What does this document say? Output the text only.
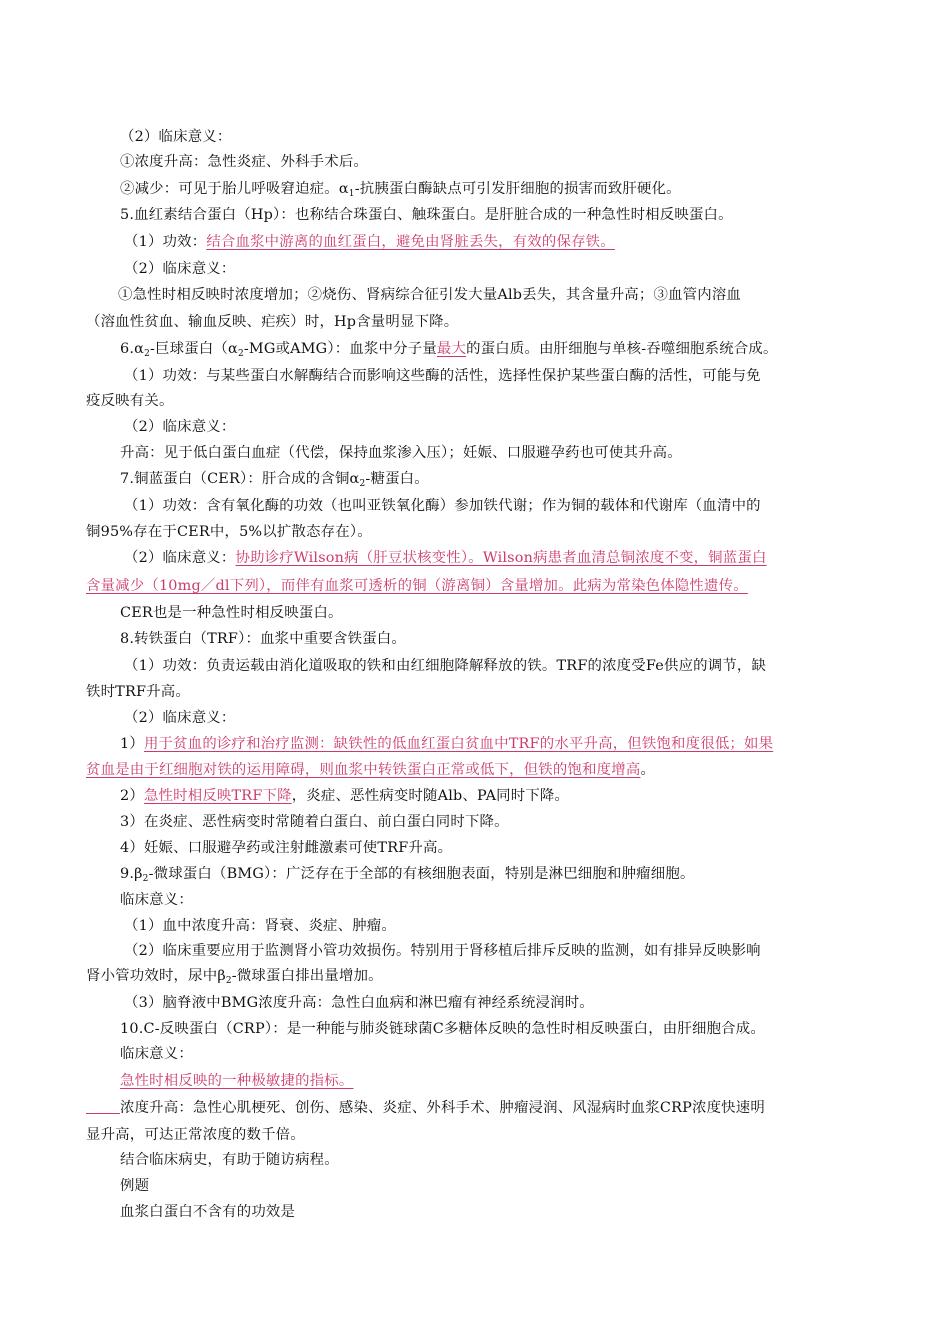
（2）临床意义：
①浓度升高：急性炎症、外科手术后。
②减少：可见于胎儿呼吸窘迫症。$\alpha_1-$抗胰蛋白酶缺点可引发肝细胞的损害而致肝硬化。
5.血红素结合蛋白（Hp）：也称结合珠蛋白、触珠蛋白。是肝脏合成的一种急性时相反映蛋白。
（1）功效：结合血浆中游离的血红蛋白，避免由肾脏丢失，有效的保存铁。
（2）临床意义：
①急性时相反映时浓度增加；②烧伤、肾病综合征引发大量Alb丢失，其含量升高；③血管内溶血
（溶血性贫血、输血反映、疟疾）时，Hp含量明显下降。
$6.\alpha_2-$巨球蛋白（$\alpha_2-MG$或AMG）：血浆中分子量最大的蛋白质。由肝细胞与单核-吞噬细胞系统合成。
（1）功效：与某些蛋白水解酶结合而影响这些酶的活性，选择性保护某些蛋白酶的活性，可能与免
疫反映有关。
（2）临床意义：
升高：见于低白蛋白血症（代偿，保持血浆渗入压）；妊娠、口服避孕药也可使其升高。
7.铜蓝蛋白（CER）：肝合成的含铜$\alpha_2-$糖蛋白。
（1）功效：含有氧化酶的功效（也叫亚铁氧化酶）参加铁代谢；作为铜的载体和代谢库（血清中的
铜95%存在于CER中，5%以扩散态存在）。
（2）临床意义：协助诊疗Wilson病（肝豆状核变性）。Wilson病患者血清总铜浓度不变，铜蓝蛋白
含量减少（10mg／dl下列），而伴有血浆可透析的铜（游离铜）含量增加。此病为常染色体隐性遗传。
CER也是一种急性时相反映蛋白。
8.转铁蛋白（TRF）：血浆中重要含铁蛋白。
（1）功效：负责运载由消化道吸取的铁和由红细胞降解释放的铁。TRF的浓度受Fe供应的调节，缺
铁时TRF升高。
（2）临床意义：
1）用于贫血的诊疗和治疗监测：缺铁性的低血红蛋白贫血中TRF的水平升高，但铁饱和度很低；如果
贫血是由于红细胞对铁的运用障碍，则血浆中转铁蛋白正常或低下，但铁的饱和度增高。
2）急性时相反映TRF下降，炎症、恶性病变时随Alb、PA同时下降。
3）在炎症、恶性病变时常随着白蛋白、前白蛋白同时下降。
4）妊娠、口服避孕药或注射雌激素可使TRF升高。
$9.\beta_2-$微球蛋白（BMG）：广泛存在于全部的有核细胞表面，特别是淋巴细胞和肿瘤细胞。
临床意义：
（1）血中浓度升高：肾衰、炎症、肿瘤。
（2）临床重要应用于监测肾小管功效损伤。特别用于肾移植后排斥反映的监测，如有排异反映影响
肾小管功效时，尿中$\beta_2-$微球蛋白排出量增加。
（3）脑脊液中BMG浓度升高：急性白血病和淋巴瘤有神经系统浸润时。
10.C-反映蛋白（CRP）：是一种能与肺炎链球菌C多糖体反映的急性时相反映蛋白，由肝细胞合成。
临床意义：
急性时相反映的一种极敏捷的指标。
浓度升高：急性心肌梗死、创伤、感染、炎症、外科手术、肿瘤浸润、风湿病时血浆CRP浓度快速明
显升高，可达正常浓度的数千倍。
结合临床病史，有助于随访病程。
例题
血浆白蛋白不含有的功效是
